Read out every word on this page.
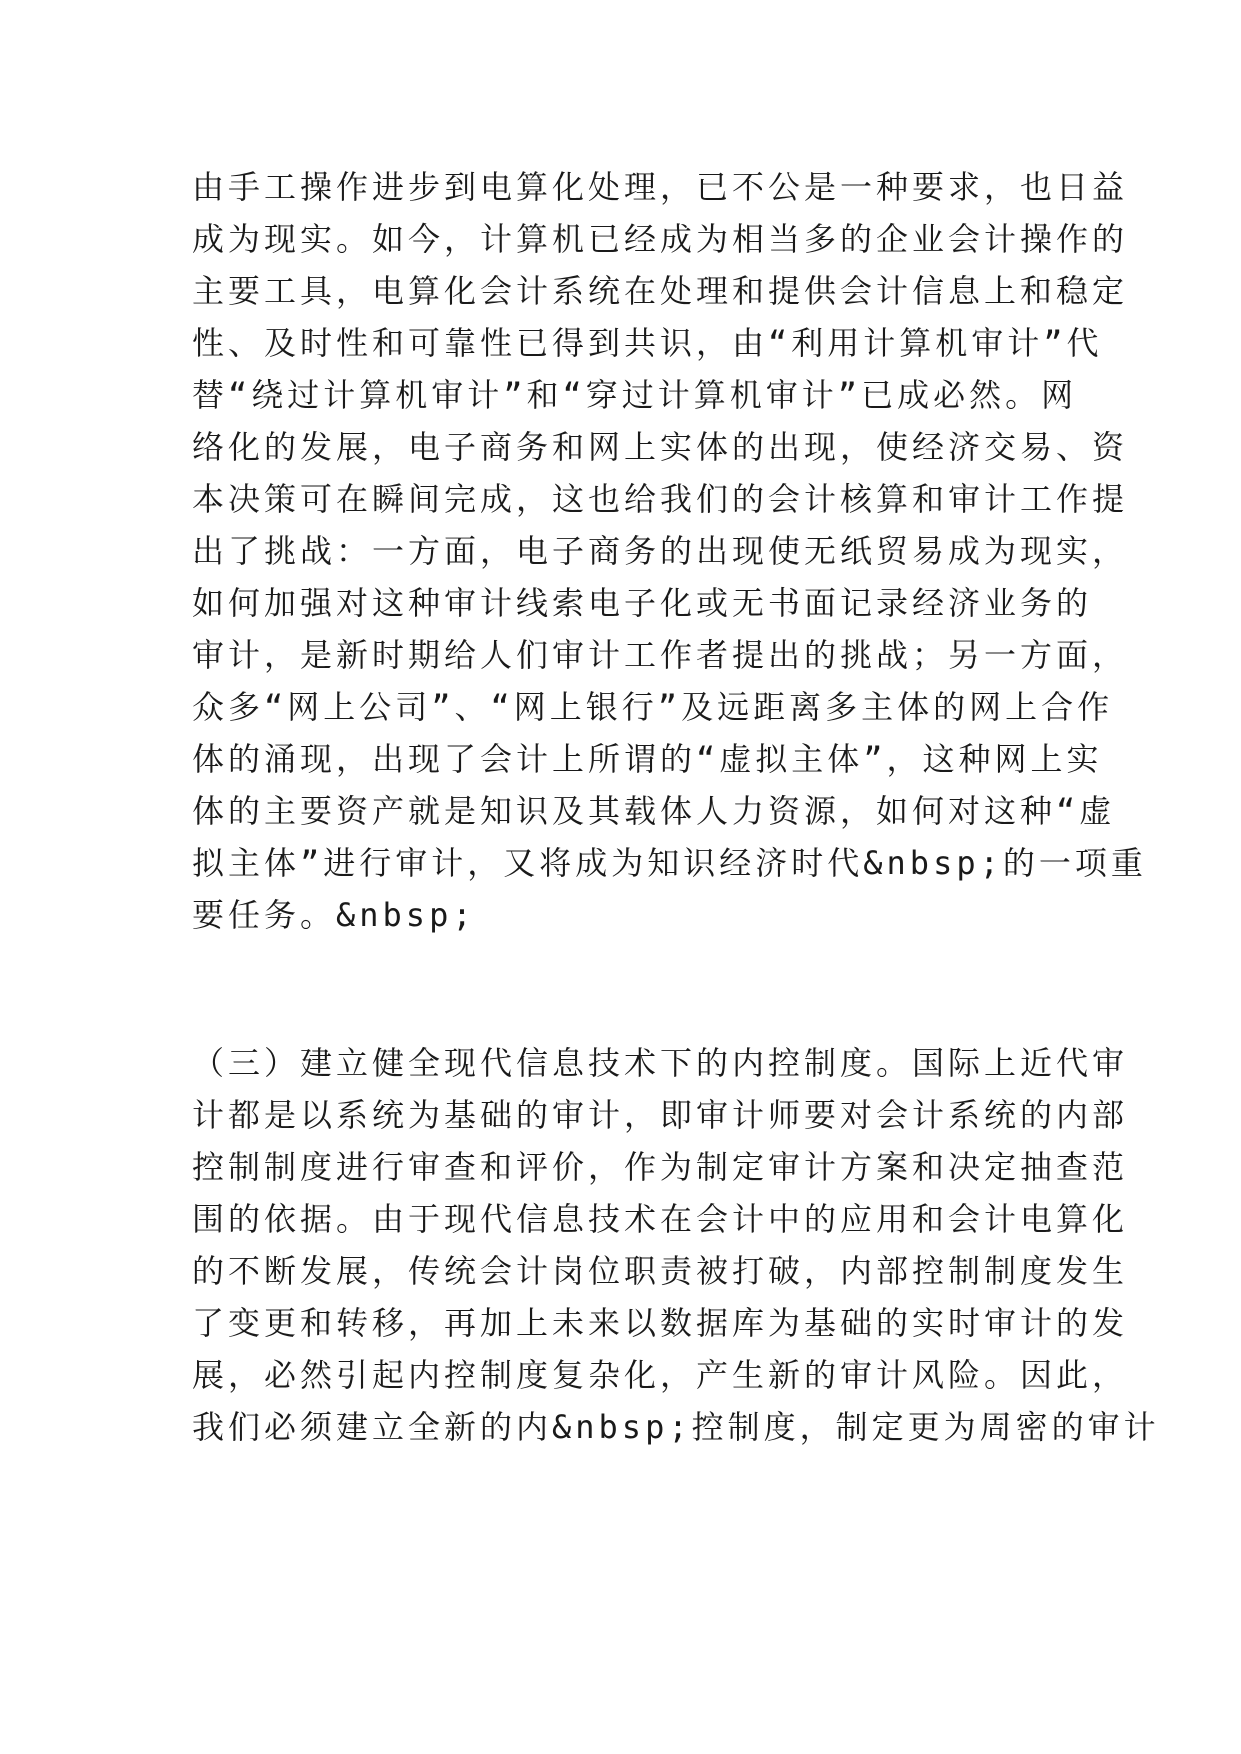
由手工操作进步到电算化处理，已不公是一种要求，也日益
成为现实。如今，计算机已经成为相当多的企业会计操作的
主要工具，电算化会计系统在处理和提供会计信息上和稳定
性、及时性和可靠性已得到共识，由“利用计算机审计”代
替“绕过计算机审计”和“穿过计算机审计”已成必然。网
络化的发展，电子商务和网上实体的出现，使经济交易、资
本决策可在瞬间完成，这也给我们的会计核算和审计工作提
出了挑战：一方面，电子商务的出现使无纸贸易成为现实，
如何加强对这种审计线索电子化或无书面记录经济业务的
审计，是新时期给人们审计工作者提出的挑战；另一方面，
众多“网上公司”、“网上银行”及远距离多主体的网上合作
体的涌现，出现了会计上所谓的“虚拟主体”，这种网上实
体的主要资产就是知识及其载体人力资源，如何对这种“虚
拟主体”进行审计，又将成为知识经济时代&nbsp;的一项重
要任务。&nbsp;
（三）建立健全现代信息技术下的内控制度。国际上近代审
计都是以系统为基础的审计，即审计师要对会计系统的内部
控制制度进行审查和评价，作为制定审计方案和决定抽查范
围的依据。由于现代信息技术在会计中的应用和会计电算化
的不断发展，传统会计岗位职责被打破，内部控制制度发生
了变更和转移，再加上未来以数据库为基础的实时审计的发
展，必然引起内控制度复杂化，产生新的审计风险。因此，
我们必须建立全新的内&nbsp;控制度，制定更为周密的审计
